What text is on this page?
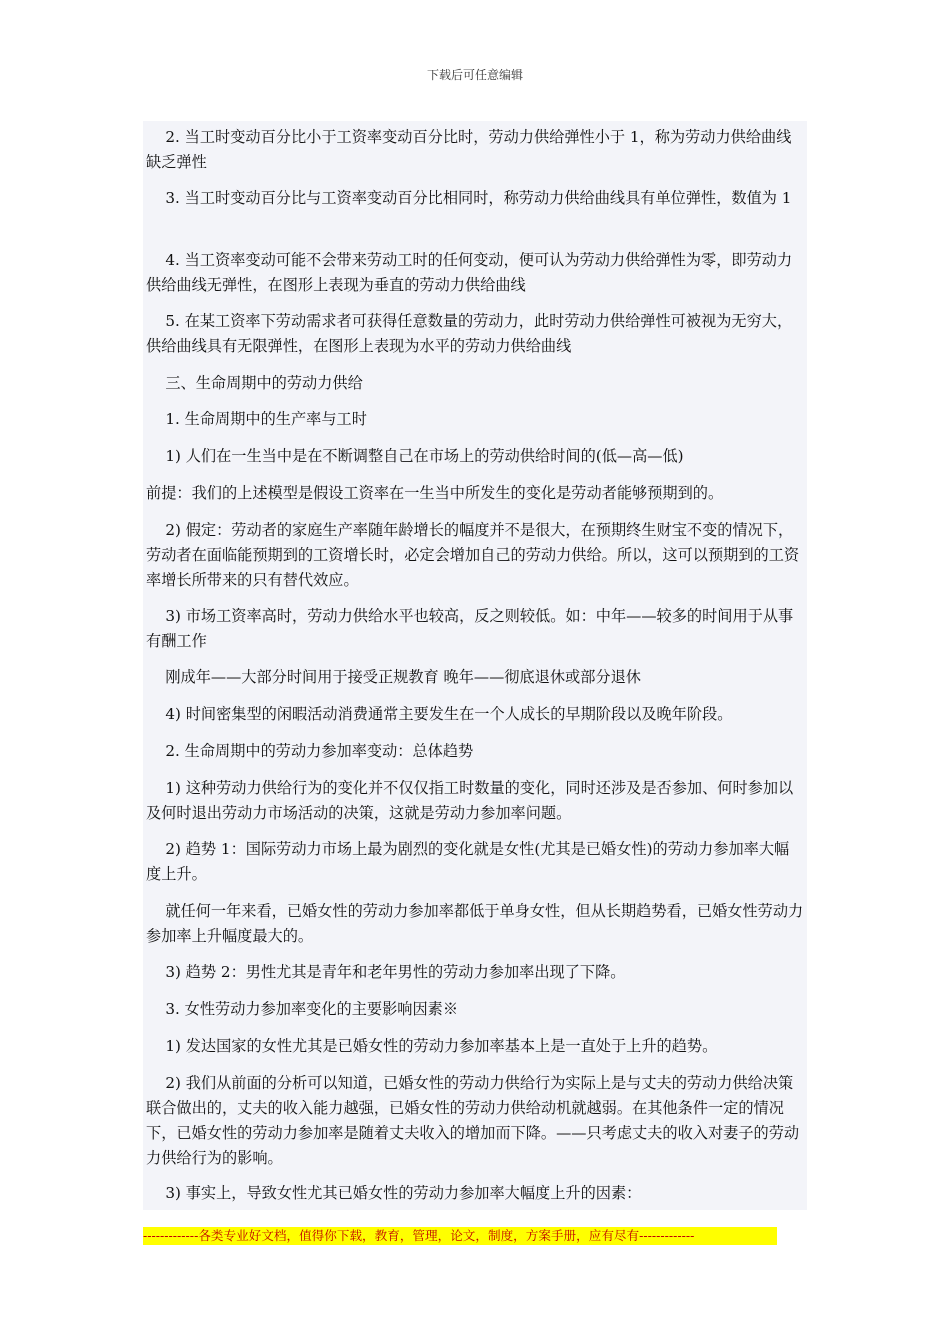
下载后可任意编辑

2. 当工时变动百分比小于工资率变动百分比时，劳动力供给弹性小于 1，称为劳动力供给曲线缺乏弹性

3. 当工时变动百分比与工资率变动百分比相同时，称劳动力供给曲线具有单位弹性，数值为 1

4. 当工资率变动可能不会带来劳动工时的任何变动，便可认为劳动力供给弹性为零，即劳动力供给曲线无弹性，在图形上表现为垂直的劳动力供给曲线

5. 在某工资率下劳动需求者可获得任意数量的劳动力，此时劳动力供给弹性可被视为无穷大，供给曲线具有无限弹性，在图形上表现为水平的劳动力供给曲线

三、生命周期中的劳动力供给

1. 生命周期中的生产率与工时

1) 人们在一生当中是在不断调整自己在市场上的劳动供给时间的(低—高—低)

前提：我们的上述模型是假设工资率在一生当中所发生的变化是劳动者能够预期到的。

2) 假定：劳动者的家庭生产率随年龄增长的幅度并不是很大，在预期终生财宝不变的情况下，劳动者在面临能预期到的工资增长时，必定会增加自己的劳动力供给。所以，这可以预期到的工资率增长所带来的只有替代效应。

3) 市场工资率高时，劳动力供给水平也较高，反之则较低。如：中年——较多的时间用于从事有酬工作

刚成年——大部分时间用于接受正规教育 晚年——彻底退休或部分退休

4) 时间密集型的闲暇活动消费通常主要发生在一个人成长的早期阶段以及晚年阶段。

2. 生命周期中的劳动力参加率变动：总体趋势

1) 这种劳动力供给行为的变化并不仅仅指工时数量的变化，同时还涉及是否参加、何时参加以及何时退出劳动力市场活动的决策，这就是劳动力参加率问题。

2) 趋势 1：国际劳动力市场上最为剧烈的变化就是女性(尤其是已婚女性)的劳动力参加率大幅度上升。

就任何一年来看，已婚女性的劳动力参加率都低于单身女性，但从长期趋势看，已婚女性劳动力参加率上升幅度最大的。

3) 趋势 2：男性尤其是青年和老年男性的劳动力参加率出现了下降。

3. 女性劳动力参加率变化的主要影响因素※

1) 发达国家的女性尤其是已婚女性的劳动力参加率基本上是一直处于上升的趋势。

2) 我们从前面的分析可以知道，已婚女性的劳动力供给行为实际上是与丈夫的劳动力供给决策联合做出的，丈夫的收入能力越强，已婚女性的劳动力供给动机就越弱。在其他条件一定的情况下，已婚女性的劳动力参加率是随着丈夫收入的增加而下降。——只考虑丈夫的收入对妻子的劳动力供给行为的影响。

3) 事实上，导致女性尤其已婚女性的劳动力参加率大幅度上升的因素：

-------------各类专业好文档，值得你下载，教育，管理，论文，制度，方案手册，应有尽有-------------
